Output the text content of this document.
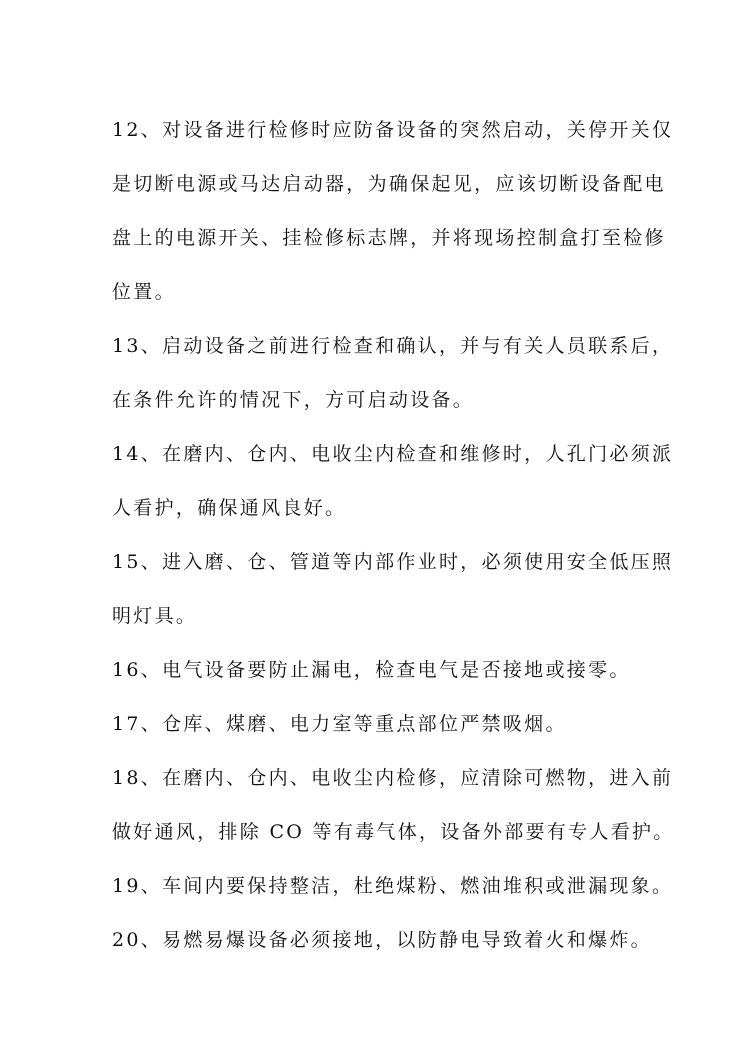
12、对设备进行检修时应防备设备的突然启动，关停开关仅
是切断电源或马达启动器，为确保起见，应该切断设备配电
盘上的电源开关、挂检修标志牌，并将现场控制盒打至检修
位置。
13、启动设备之前进行检查和确认，并与有关人员联系后，
在条件允许的情况下，方可启动设备。
14、在磨内、仓内、电收尘内检查和维修时，人孔门必须派
人看护，确保通风良好。
15、进入磨、仓、管道等内部作业时，必须使用安全低压照
明灯具。
16、电气设备要防止漏电，检查电气是否接地或接零。
17、仓库、煤磨、电力室等重点部位严禁吸烟。
18、在磨内、仓内、电收尘内检修，应清除可燃物，进入前
做好通风，排除 CO 等有毒气体，设备外部要有专人看护。
19、车间内要保持整洁，杜绝煤粉、燃油堆积或泄漏现象。
20、易燃易爆设备必须接地，以防静电导致着火和爆炸。
